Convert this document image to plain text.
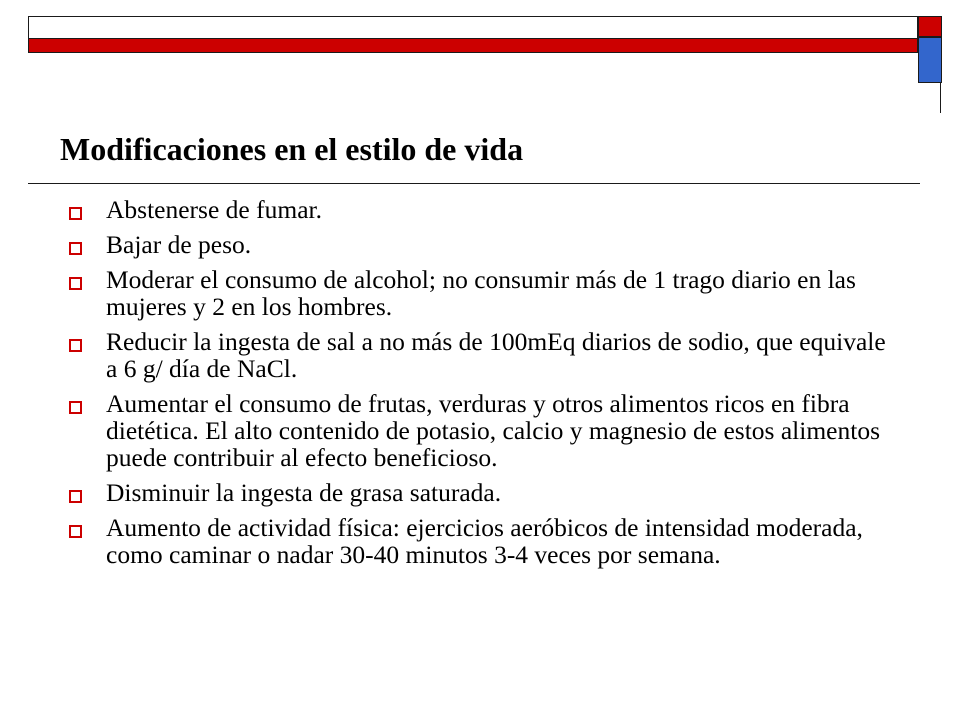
Modificaciones en el estilo de vida
Abstenerse de fumar.
Bajar de peso.
Moderar el consumo de alcohol; no consumir más de 1 trago diario en las mujeres y 2 en los hombres.
Reducir la ingesta de sal a no más de 100mEq diarios de sodio, que equivale a 6 g/ día de NaCl.
Aumentar el consumo de frutas, verduras y otros alimentos ricos en fibra dietética. El alto contenido de potasio, calcio y magnesio de estos alimentos puede contribuir al efecto beneficioso.
Disminuir la ingesta de grasa saturada.
Aumento de actividad física: ejercicios aeróbicos de intensidad moderada, como caminar o nadar 30-40 minutos 3-4 veces por semana.
